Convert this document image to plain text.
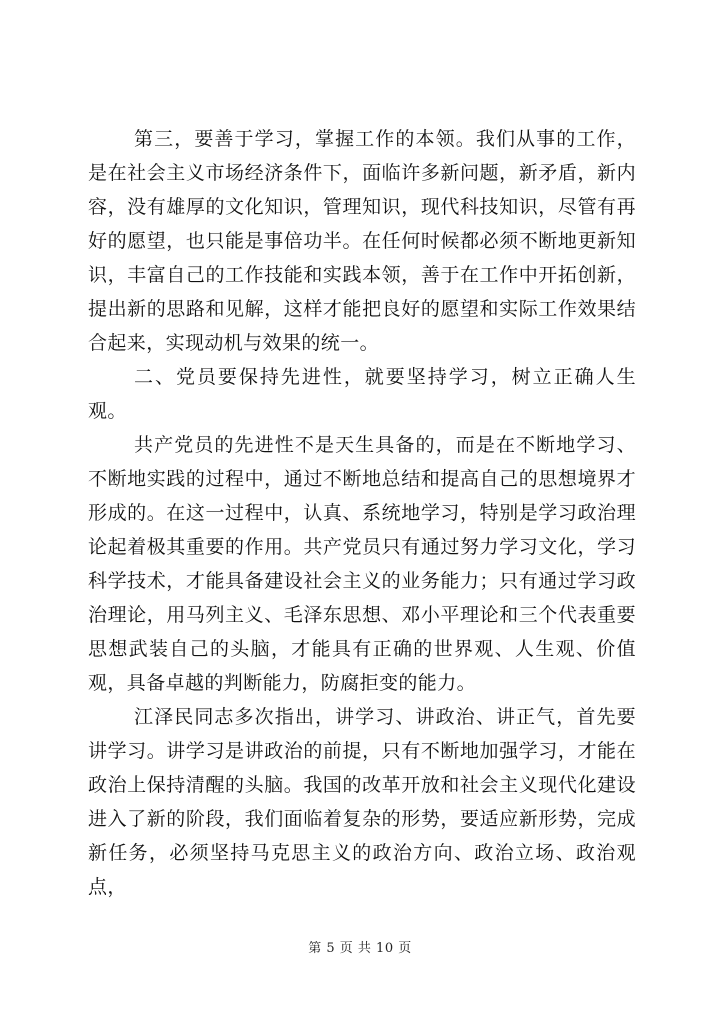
第三，要善于学习，掌握工作的本领。我们从事的工作，是在社会主义市场经济条件下，面临许多新问题，新矛盾，新内容，没有雄厚的文化知识，管理知识，现代科技知识，尽管有再好的愿望，也只能是事倍功半。在任何时候都必须不断地更新知识，丰富自己的工作技能和实践本领，善于在工作中开拓创新，提出新的思路和见解，这样才能把良好的愿望和实际工作效果结合起来，实现动机与效果的统一。

二、党员要保持先进性，就要坚持学习，树立正确人生观。

共产党员的先进性不是天生具备的，而是在不断地学习、不断地实践的过程中，通过不断地总结和提高自己的思想境界才形成的。在这一过程中，认真、系统地学习，特别是学习政治理论起着极其重要的作用。共产党员只有通过努力学习文化，学习科学技术，才能具备建设社会主义的业务能力；只有通过学习政治理论，用马列主义、毛泽东思想、邓小平理论和三个代表重要思想武装自己的头脑，才能具有正确的世界观、人生观、价值观，具备卓越的判断能力，防腐拒变的能力。

江泽民同志多次指出，讲学习、讲政治、讲正气，首先要讲学习。讲学习是讲政治的前提，只有不断地加强学习，才能在政治上保持清醒的头脑。我国的改革开放和社会主义现代化建设进入了新的阶段，我们面临着复杂的形势，要适应新形势，完成新任务，必须坚持马克思主义的政治方向、政治立场、政治观点，

第 5 页 共 10 页
